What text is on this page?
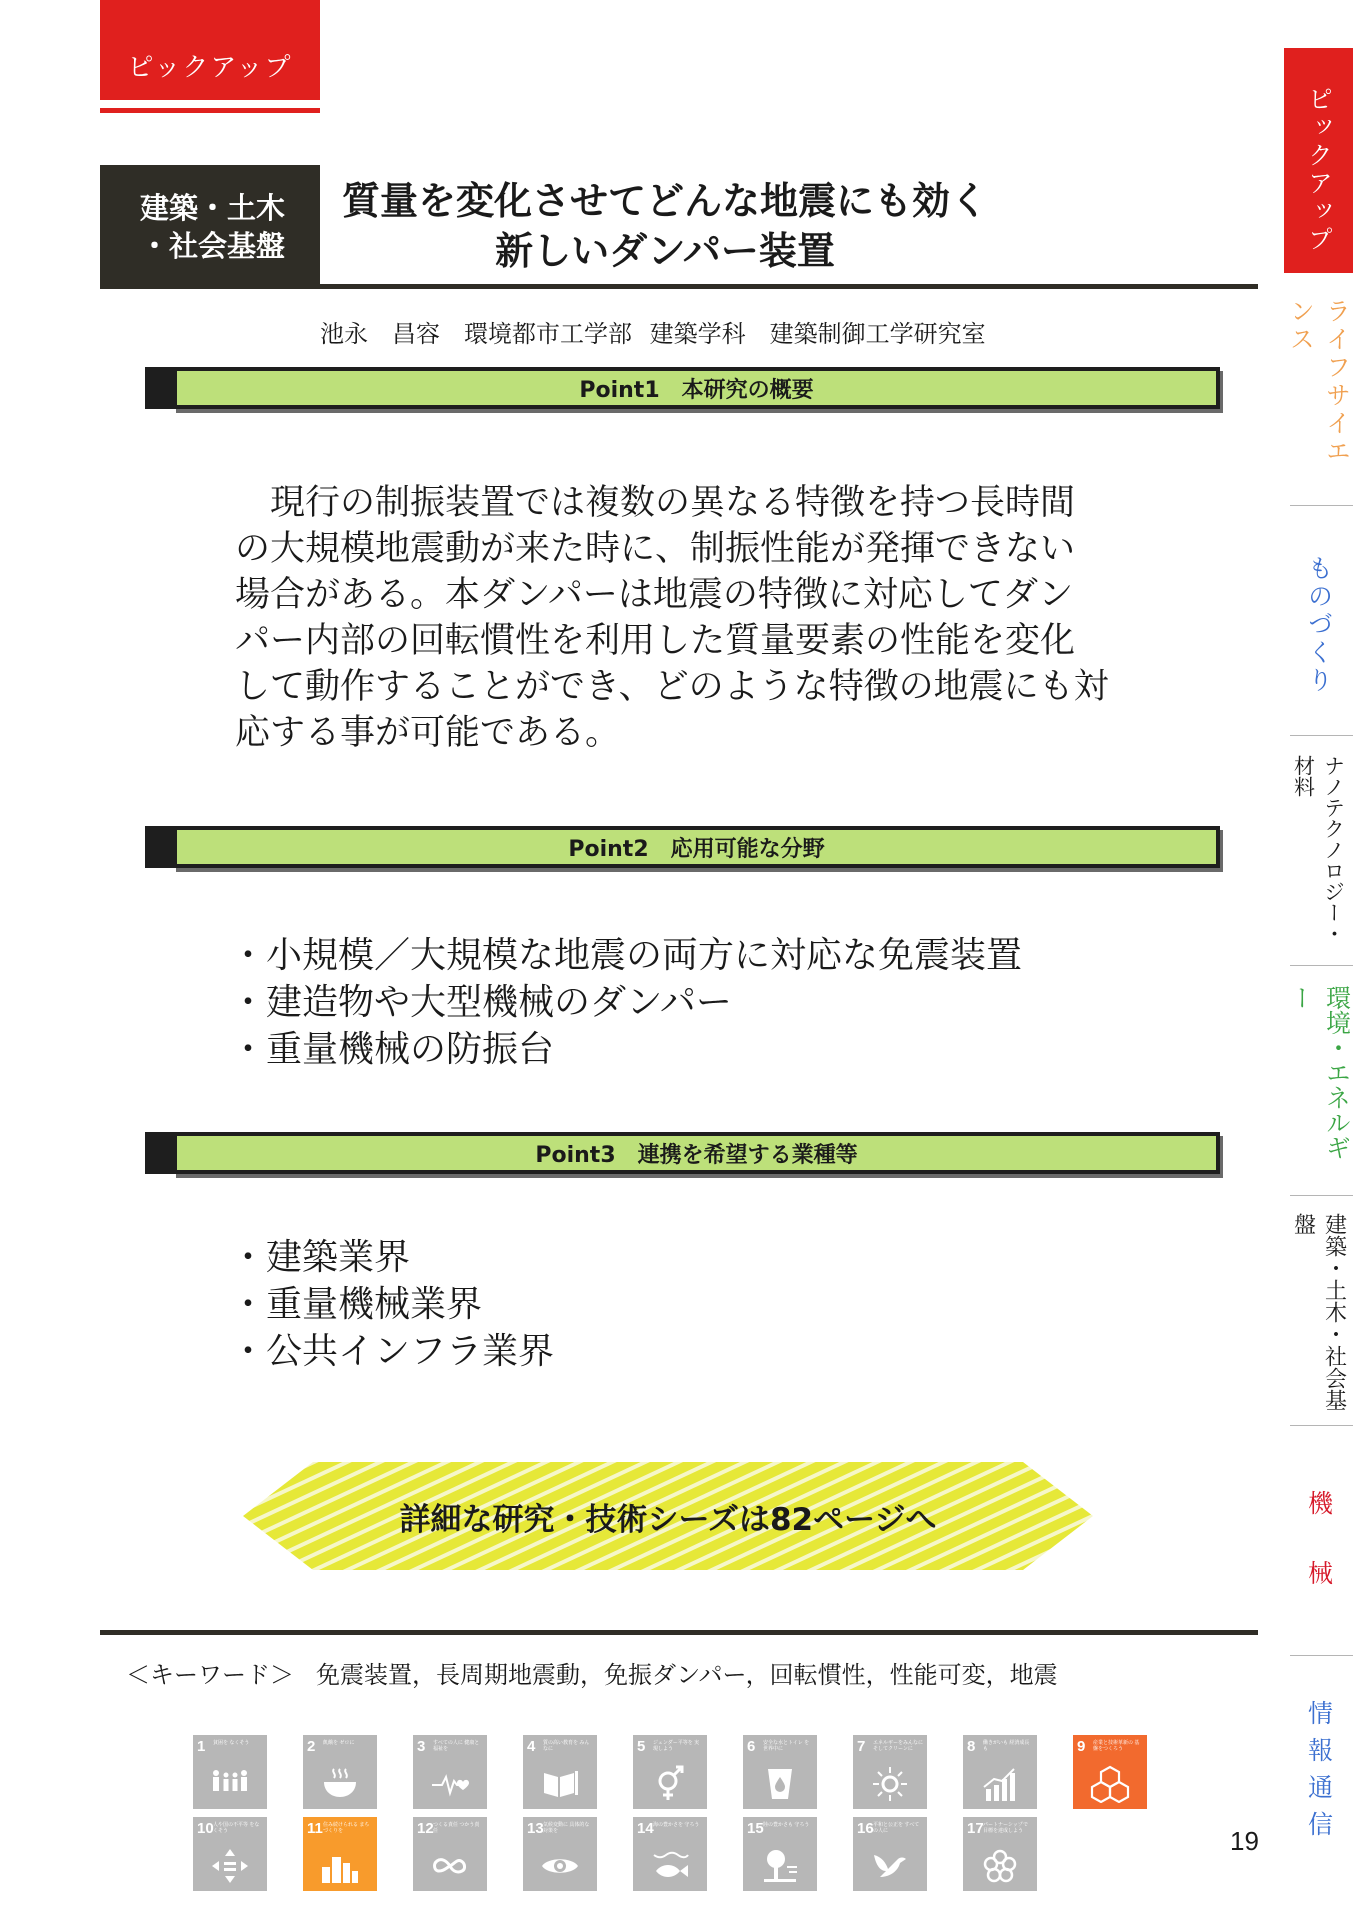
ピックアップ
建築・土木
・社会基盤
質量を変化させてどんな地震にも効く
新しいダンパー装置
池永　昌容　環境都市工学部 建築学科　建築制御工学研究室
Point1　本研究の概要
　現行の制振装置では複数の異なる特徴を持つ長時間
の大規模地震動が来た時に、制振性能が発揮できない
場合がある。本ダンパーは地震の特徴に対応してダン
パー内部の回転慣性を利用した質量要素の性能を変化
して動作することができ、どのような特徴の地震にも対
応する事が可能である。
Point2　応用可能な分野
・小規模／大規模な地震の両方に対応な免震装置
・建造物や大型機械のダンパー
・重量機械の防振台
Point3　連携を希望する業種等
・建築業界
・重量機械業界
・公共インフラ業界
詳細な研究・技術シーズは82ページへ
＜キーワード＞ 免震装置，長周期地震動，免振ダンパー，回転慣性，性能可変，地震
1 貧困を なくそう	2 飢餓を ゼロに	3 すべての人に 健康と福祉を	4 質の高い教育を みんなに	5 ジェンダー平等を 実現しよう	6 安全な水とトイレ を世界中に	7 エネルギーをみんなに そしてクリーンに	8 働きがいも 経済成長も	9 産業と技術革新の 基盤をつくろう
10 人や国の不平等 をなくそう	11 住み続けられる まちづくりを	12 つくる責任 つかう責任	13 気候変動に 具体的な対策を	14 海の豊かさを 守ろう	15 陸の豊かさも 守ろう	16 平和と公正を すべての人に	17 パートナーシップで 目標を達成しよう	19
ピックアップ
ライフサイエンス
ものづくり
ナノテクノロジー・材料
環境・エネルギー
建築・土木・社会基盤
機　械
情報通信
